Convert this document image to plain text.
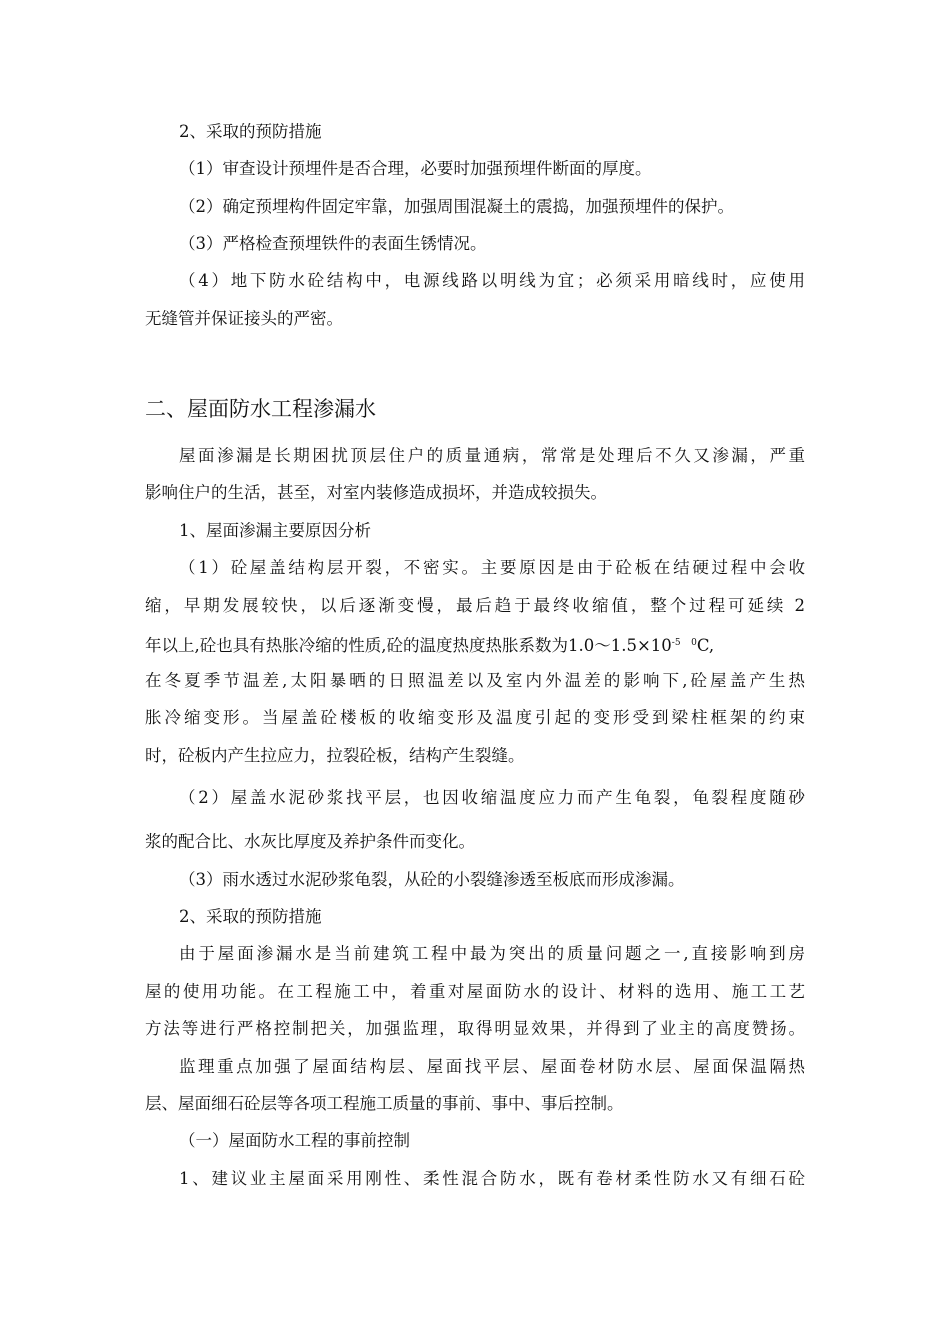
2、采取的预防措施
（1）审查设计预埋件是否合理，必要时加强预埋件断面的厚度。
（2）确定预埋构件固定牢靠，加强周围混凝土的震捣，加强预埋件的保护。
（3）严格检查预埋铁件的表面生锈情况。
（4）地下防水砼结构中，电源线路以明线为宜；必须采用暗线时，应使用
无缝管并保证接头的严密。
二、屋面防水工程渗漏水
屋面渗漏是长期困扰顶层住户的质量通病，常常是处理后不久又渗漏，严重
影响住户的生活，甚至，对室内装修造成损坏，并造成较损失。
1、屋面渗漏主要原因分析
（1）砼屋盖结构层开裂，不密实。主要原因是由于砼板在结硬过程中会收
缩，早期发展较快，以后逐渐变慢，最后趋于最终收缩值，整个过程可延续 2
年以上,砼也具有热胀冷缩的性质,砼的温度热度热胀系数为$1.0\sim 1.5\times 10^{-5}$ $^0$C,
在冬夏季节温差,太阳暴晒的日照温差以及室内外温差的影响下,砼屋盖产生热
胀冷缩变形。当屋盖砼楼板的收缩变形及温度引起的变形受到梁柱框架的约束
时，砼板内产生拉应力，拉裂砼板，结构产生裂缝。
（2）屋盖水泥砂浆找平层，也因收缩温度应力而产生龟裂，龟裂程度随砂
浆的配合比、水灰比厚度及养护条件而变化。
（3）雨水透过水泥砂浆龟裂，从砼的小裂缝渗透至板底而形成渗漏。
2、采取的预防措施
由于屋面渗漏水是当前建筑工程中最为突出的质量问题之一,直接影响到房
屋的使用功能。在工程施工中，着重对屋面防水的设计、材料的选用、施工工艺
方法等进行严格控制把关，加强监理，取得明显效果，并得到了业主的高度赞扬。
监理重点加强了屋面结构层、屋面找平层、屋面卷材防水层、屋面保温隔热
层、屋面细石砼层等各项工程施工质量的事前、事中、事后控制。
（一）屋面防水工程的事前控制
1、建议业主屋面采用刚性、柔性混合防水，既有卷材柔性防水又有细石砼
